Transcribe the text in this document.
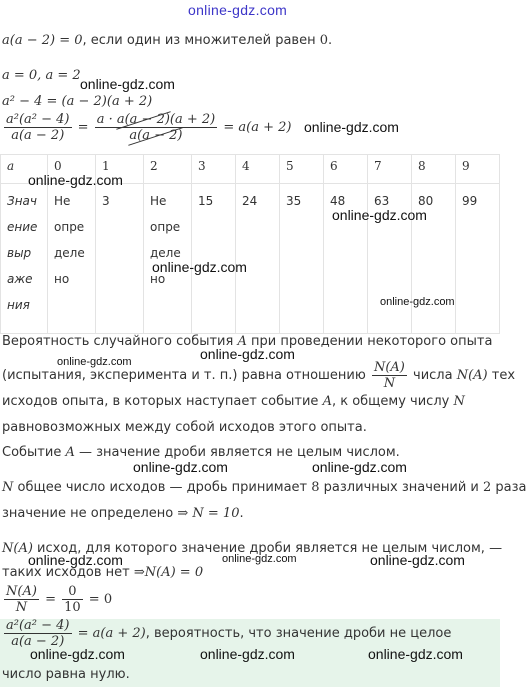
online-gdz.com
a(a − 2) = 0, если один из множителей равен 0.
a = 0, a = 2
online-gdz.com
a² − 4 = (a − 2)(a + 2)
$\frac{\text{a²(a² − 4)}}{a(a - 2)} = \frac{a \cdot a(a - 2)(a + 2)}{a(a - 2)} = a(a + 2)$ online-gdz.com
a	0	1	2	3	4	5	6	7	8	9
Знач
ение
выр
аже
ния	Не
опре
деле
но	3	Не
опре
деле
но	15	24	35	48	63	80	99
online-gdz.com
online-gdz.com
online-gdz.com
online-gdz.com
Вероятность случайного события A при проведении некоторого опыта
online-gdz.com
online-gdz.com
(испытания, эксперимента и т. п.) равна отношению $\frac{N(A)}{N}$ числа N(A) тех
исходов опыта, в которых наступает событие A, к общему числу N
равновозможных между собой исходов этого опыта.
Событие A — значение дроби является не целым числом.
online-gdz.com	online-gdz.com
N общее число исходов — дробь принимает 8 различных значений и 2 раза
значение не определено ⇒ N = 10.
N(A) исход, для которого значение дроби является не целым числом, —
online-gdz.com	online-gdz.com	online-gdz.com
таких исходов нет ⇒N(A) = 0
$\frac{N(A)}{N} = \frac{0}{10} = 0$
$\frac{\text{a²(a² − 4)}}{a(a - 2)} = a(a + 2)$, вероятность, что значение дроби не целое
online-gdz.com	online-gdz.com	online-gdz.com
число равна нулю.
